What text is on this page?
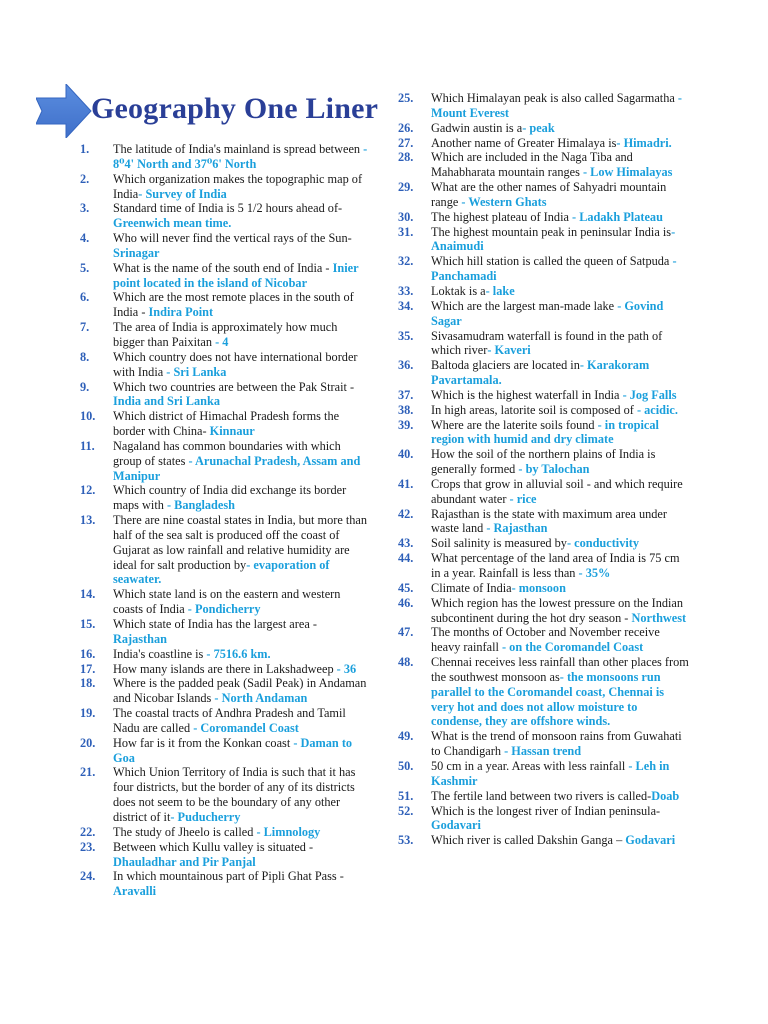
Geography One Liner
1.	The latitude of India's mainland is spread between - 8⁰4' North and 37⁰6' North
2.	Which organization makes the topographic map of India- Survey of India
3.	Standard time of India is 5 1/2 hours ahead of-Greenwich mean time.
4.	Who will never find the vertical rays of the Sun-Srinagar
5.	What is the name of the south end of India - Inier point located in the island of Nicobar
6.	Which are the most remote places in the south of India - Indira Point
7.	The area of India is approximately how much bigger than Paixitan - 4
8.	Which country does not have international border with India - Sri Lanka
9.	Which two countries are between the Pak Strait - India and Sri Lanka
10.	Which district of Himachal Pradesh forms the border with China- Kinnaur
11.	Nagaland has common boundaries with which group of states - Arunachal Pradesh, Assam and Manipur
12.	Which country of India did exchange its border maps with - Bangladesh
13.	There are nine coastal states in India, but more than half of the sea salt is produced off the coast of Gujarat as low rainfall and relative humidity are ideal for salt production by- evaporation of seawater.
14.	Which state land is on the eastern and western coasts of India - Pondicherry
15.	Which state of India has the largest area - Rajasthan
16.	India's coastline is - 7516.6 km.
17.	How many islands are there in Lakshadweep - 36
18.	Where is the padded peak (Sadil Peak) in Andaman and Nicobar Islands - North Andaman
19.	The coastal tracts of Andhra Pradesh and Tamil Nadu are called - Coromandel Coast
20.	How far is it from the Konkan coast - Daman to Goa
21.	Which Union Territory of India is such that it has four districts, but the border of any of its districts does not seem to be the boundary of any other district of it- Puducherry
22.	The study of Jheelo is called - Limnology
23.	Between which Kullu valley is situated - Dhauladhar and Pir Panjal
24.	In which mountainous part of Pipli Ghat Pass - Aravalli
25.	Which Himalayan peak is also called Sagarmatha - Mount Everest
26.	Gadwin austin is a- peak
27.	Another name of Greater Himalaya is- Himadri.
28.	Which are included in the Naga Tiba and Mahabharata mountain ranges - Low Himalayas
29.	What are the other names of Sahyadri mountain range - Western Ghats
30.	The highest plateau of India - Ladakh Plateau
31.	The highest mountain peak in peninsular India is- Anaimudi
32.	Which hill station is called the queen of Satpuda - Panchamadi
33.	Loktak is a- lake
34.	Which are the largest man-made lake - Govind Sagar
35.	Sivasamudram waterfall is found in the path of which river- Kaveri
36.	Baltoda glaciers are located in- Karakoram Pavartamala.
37.	Which is the highest waterfall in India - Jog Falls
38.	In high areas, latorite soil is composed of - acidic.
39.	Where are the laterite soils found - in tropical region with humid and dry climate
40.	How the soil of the northern plains of India is generally formed - by Talochan
41.	Crops that grow in alluvial soil - and which require abundant water - rice
42.	Rajasthan is the state with maximum area under waste land - Rajasthan
43.	Soil salinity is measured by- conductivity
44.	What percentage of the land area of India is 75 cm in a year. Rainfall is less than - 35%
45.	Climate of India- monsoon
46.	Which region has the lowest pressure on the Indian subcontinent during the hot dry season - Northwest
47.	The months of October and November receive heavy rainfall - on the Coromandel Coast
48.	Chennai receives less rainfall than other places from the southwest monsoon as- the monsoons run parallel to the Coromandel coast, Chennai is very hot and does not allow moisture to condense, they are offshore winds.
49.	What is the trend of monsoon rains from Guwahati to Chandigarh - Hassan trend
50.	50 cm in a year. Areas with less rainfall - Leh in Kashmir
51.	The fertile land between two rivers is called-Doab
52.	Which is the longest river of Indian peninsula-Godavari
53.	Which river is called Dakshin Ganga – Godavari
